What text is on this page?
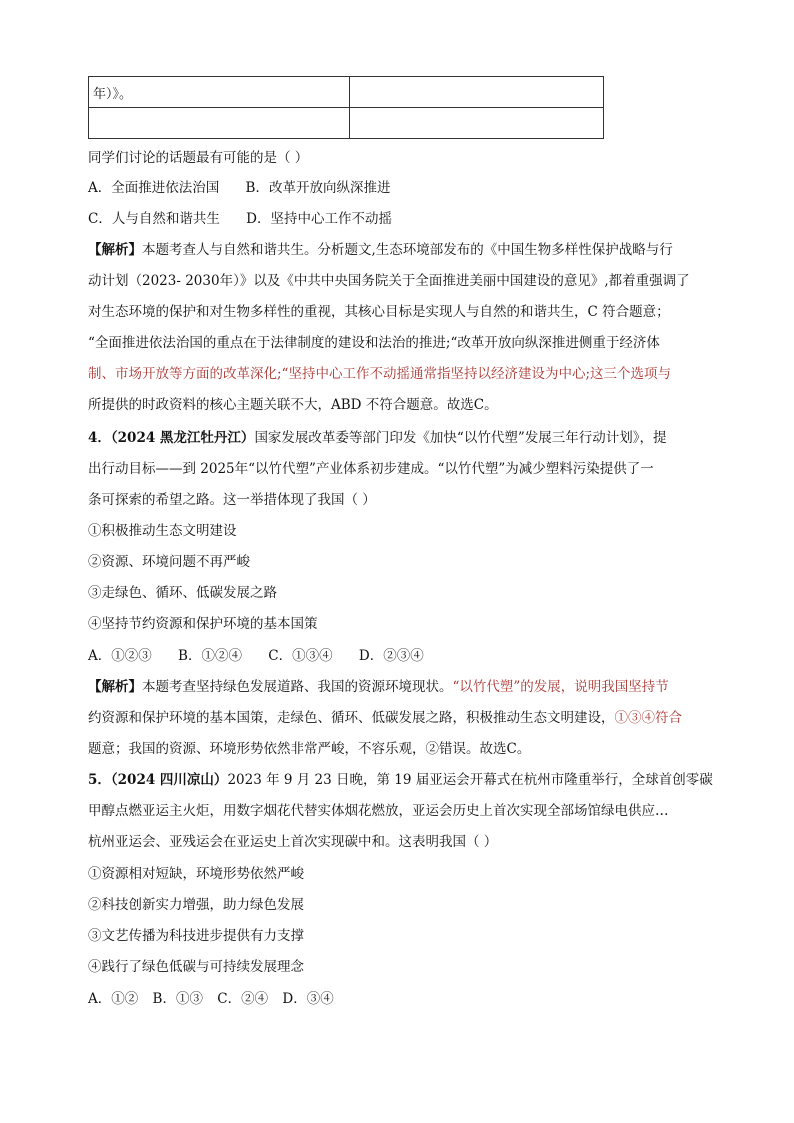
年）》。	

同学们讨论的话题最有可能的是（ ）
A．全面推进依法治国 B．改革开放向纵深推进
C．人与自然和谐共生 D．坚持中心工作不动摇
【解析】本题考查人与自然和谐共生。分析题文,生态环境部发布的《中国生物多样性保护战略与行
动计划（2023- 2030年）》以及《中共中央国务院关于全面推进美丽中国建设的意见》,都着重强调了
对生态环境的保护和对生物多样性的重视，其核心目标是实现人与自然的和谐共生，C 符合题意；
“全面推进依法治国的重点在于法律制度的建设和法治的推进;“改革开放向纵深推进侧重于经济体
制、市场开放等方面的改革深化;“坚持中心工作不动摇通常指坚持以经济建设为中心;这三个选项与
所提供的时政资料的核心主题关联不大，ABD 不符合题意。故选C。
4．（2024 黑龙江牡丹江）国家发展改革委等部门印发《加快“以竹代塑”发展三年行动计划》，提
出行动目标——到 2025年“以竹代塑”产业体系初步建成。“以竹代塑”为减少塑料污染提供了一
条可探索的希望之路。这一举措体现了我国（ ）
①积极推动生态文明建设
②资源、环境问题不再严峻
③走绿色、循环、低碳发展之路
④坚持节约资源和保护环境的基本国策
A．①②③ B．①②④ C．①③④ D．②③④
【解析】本题考查坚持绿色发展道路、我国的资源环境现状。“以竹代塑”的发展，说明我国坚持节
约资源和保护环境的基本国策，走绿色、循环、低碳发展之路，积极推动生态文明建设，①③④符合
题意；我国的资源、环境形势依然非常严峻，不容乐观，②错误。故选C。
5．（2024 四川凉山）2023 年 9 月 23 日晚，第 19 届亚运会开幕式在杭州市隆重举行，全球首创零碳
甲醇点燃亚运主火炬，用数字烟花代替实体烟花燃放，亚运会历史上首次实现全部场馆绿电供应…
杭州亚运会、亚残运会在亚运史上首次实现碳中和。这表明我国（ ）
①资源相对短缺，环境形势依然严峻
②科技创新实力增强，助力绿色发展
③文艺传播为科技进步提供有力支撑
④践行了绿色低碳与可持续发展理念
A．①② B．①③ C．②④ D．③④
